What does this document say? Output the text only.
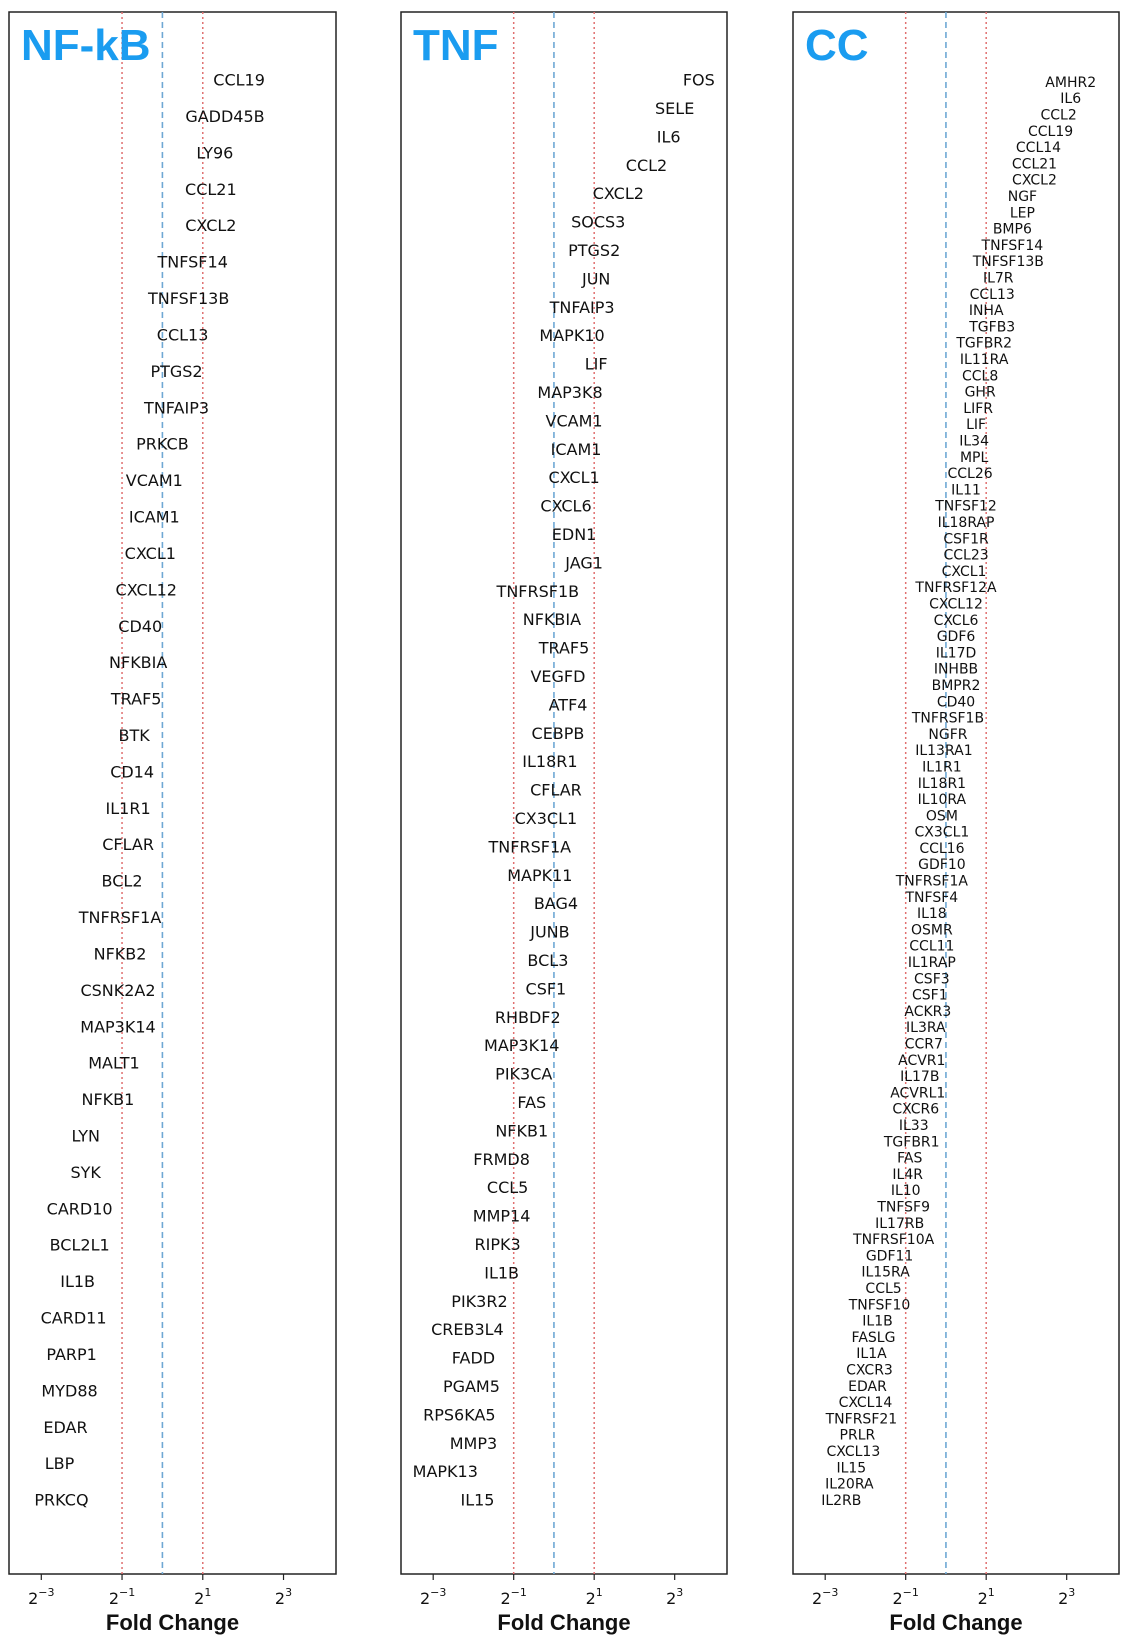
NF-kB
CCL19
GADD45B
LY96
CCL21
CXCL2
TNFSF14
TNFSF13B
CCL13
PTGS2
TNFAIP3
PRKCB
VCAM1
ICAM1
CXCL1
CXCL12
CD40
NFKBIA
TRAF5
BTK
CD14
IL1R1
CFLAR
BCL2
TNFRSF1A
NFKB2
CSNK2A2
MAP3K14
MALT1
NFKB1
LYN
SYK
CARD10
BCL2L1
IL1B
CARD11
PARP1
MYD88
EDAR
LBP
PRKCQ
$2^{-3}$	$2^{-1}$	$2^1$	$2^3$
Fold Change
TNF
FOS
SELE
IL6
CCL2
CXCL2
SOCS3
PTGS2
JUN
TNFAIP3
MAPK10
LIF
MAP3K8
VCAM1
ICAM1
CXCL1
CXCL6
EDN1
JAG1
TNFRSF1B
NFKBIA
TRAF5
VEGFD
ATF4
CEBPB
IL18R1
CFLAR
CX3CL1
TNFRSF1A
MAPK11
BAG4
JUNB
BCL3
CSF1
RHBDF2
MAP3K14
PIK3CA
FAS
NFKB1
FRMD8
CCL5
MMP14
RIPK3
IL1B
PIK3R2
CREB3L4
FADD
PGAM5
RPS6KA5
MMP3
MAPK13
IL15
$2^{-3}$	$2^{-1}$	$2^1$	$2^3$
Fold Change
CC
AMHR2
IL6
CCL2
CCL19
CCL14
CCL21
CXCL2
NGF
LEP
BMP6
TNFSF14
TNFSF13B
IL7R
CCL13
INHA
TGFB3
TGFBR2
IL11RA
CCL8
GHR
LIFR
LIF
IL34
MPL
CCL26
IL11
TNFSF12
IL18RAP
CSF1R
CCL23
CXCL1
TNFRSF12A
CXCL12
CXCL6
GDF6
IL17D
INHBB
BMPR2
CD40
TNFRSF1B
NGFR
IL13RA1
IL1R1
IL18R1
IL10RA
OSM
CX3CL1
CCL16
GDF10
TNFRSF1A
TNFSF4
IL18
OSMR
CCL11
IL1RAP
CSF3
CSF1
ACKR3
IL3RA
CCR7
ACVR1
IL17B
ACVRL1
CXCR6
IL33
TGFBR1
FAS
IL4R
IL10
TNFSF9
IL17RB
TNFRSF10A
GDF11
IL15RA
CCL5
TNFSF10
IL1B
FASLG
IL1A
CXCR3
EDAR
CXCL14
TNFRSF21
PRLR
CXCL13
IL15
IL20RA
IL2RB
$2^{-3}$	$2^{-1}$	$2^1$	$2^3$
Fold Change
